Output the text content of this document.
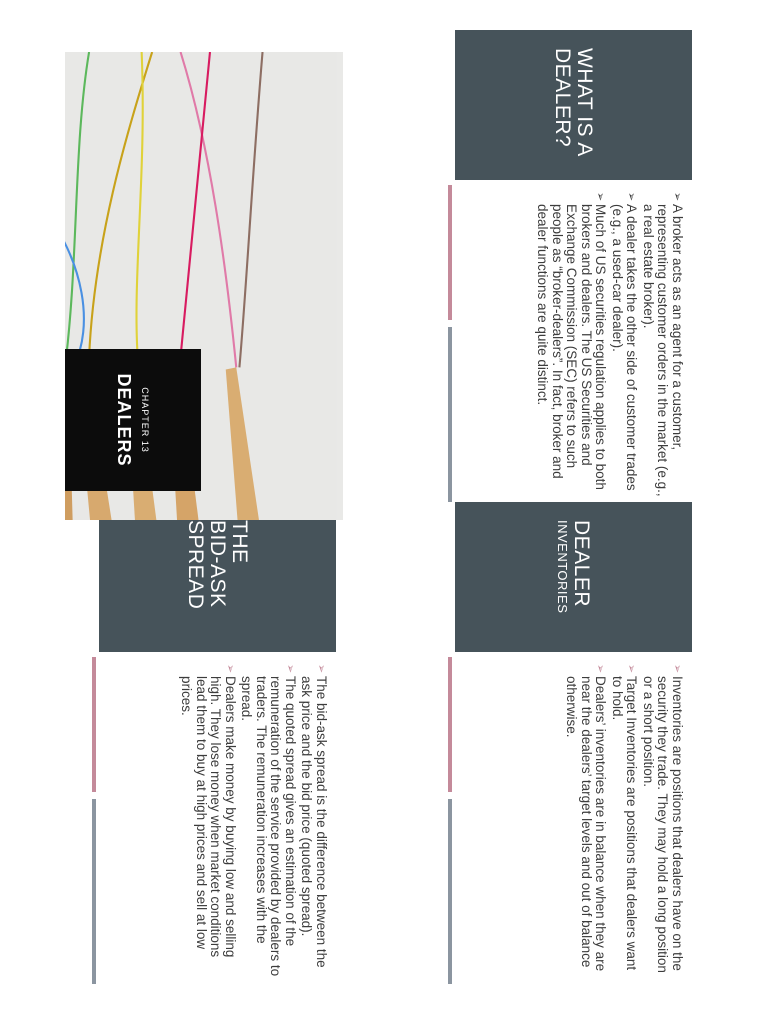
WHAT IS A
DEALER?
➢
A broker acts as an agent for a customer, representing customer orders in the market (e.g., a real estate broker).
➢
A dealer takes the other side of customer trades (e.g., a used-car dealer).
➢
Much of US securities regulation applies to both brokers and dealers. The US Securities and Exchange Commission (SEC) refers to such people as “broker-dealers”. In fact, broker and dealer functions are quite distinct.
DEALER
INVENTORIES
➢
Inventories are positions that dealers have on the security they trade. They may hold a long position or a short position.
➢
Target Inventories are positions that dealers want to hold.
➢
Dealers’ inventories are in balance when they are near the dealers’ target levels and out of balance otherwise.
THE
BID-ASK
SPREAD
➢
The bid-ask spread is the difference between the ask price and the bid price (quoted spread).
➢
The quoted spread gives an estimation of the remuneration of the service provided by dealers to traders. The remuneration increases with the spread.
➢
Dealers make money by buying low and selling high. They lose money when market conditions lead them to buy at high prices and sell at low prices.
CHAPTER 13
DEALERS
